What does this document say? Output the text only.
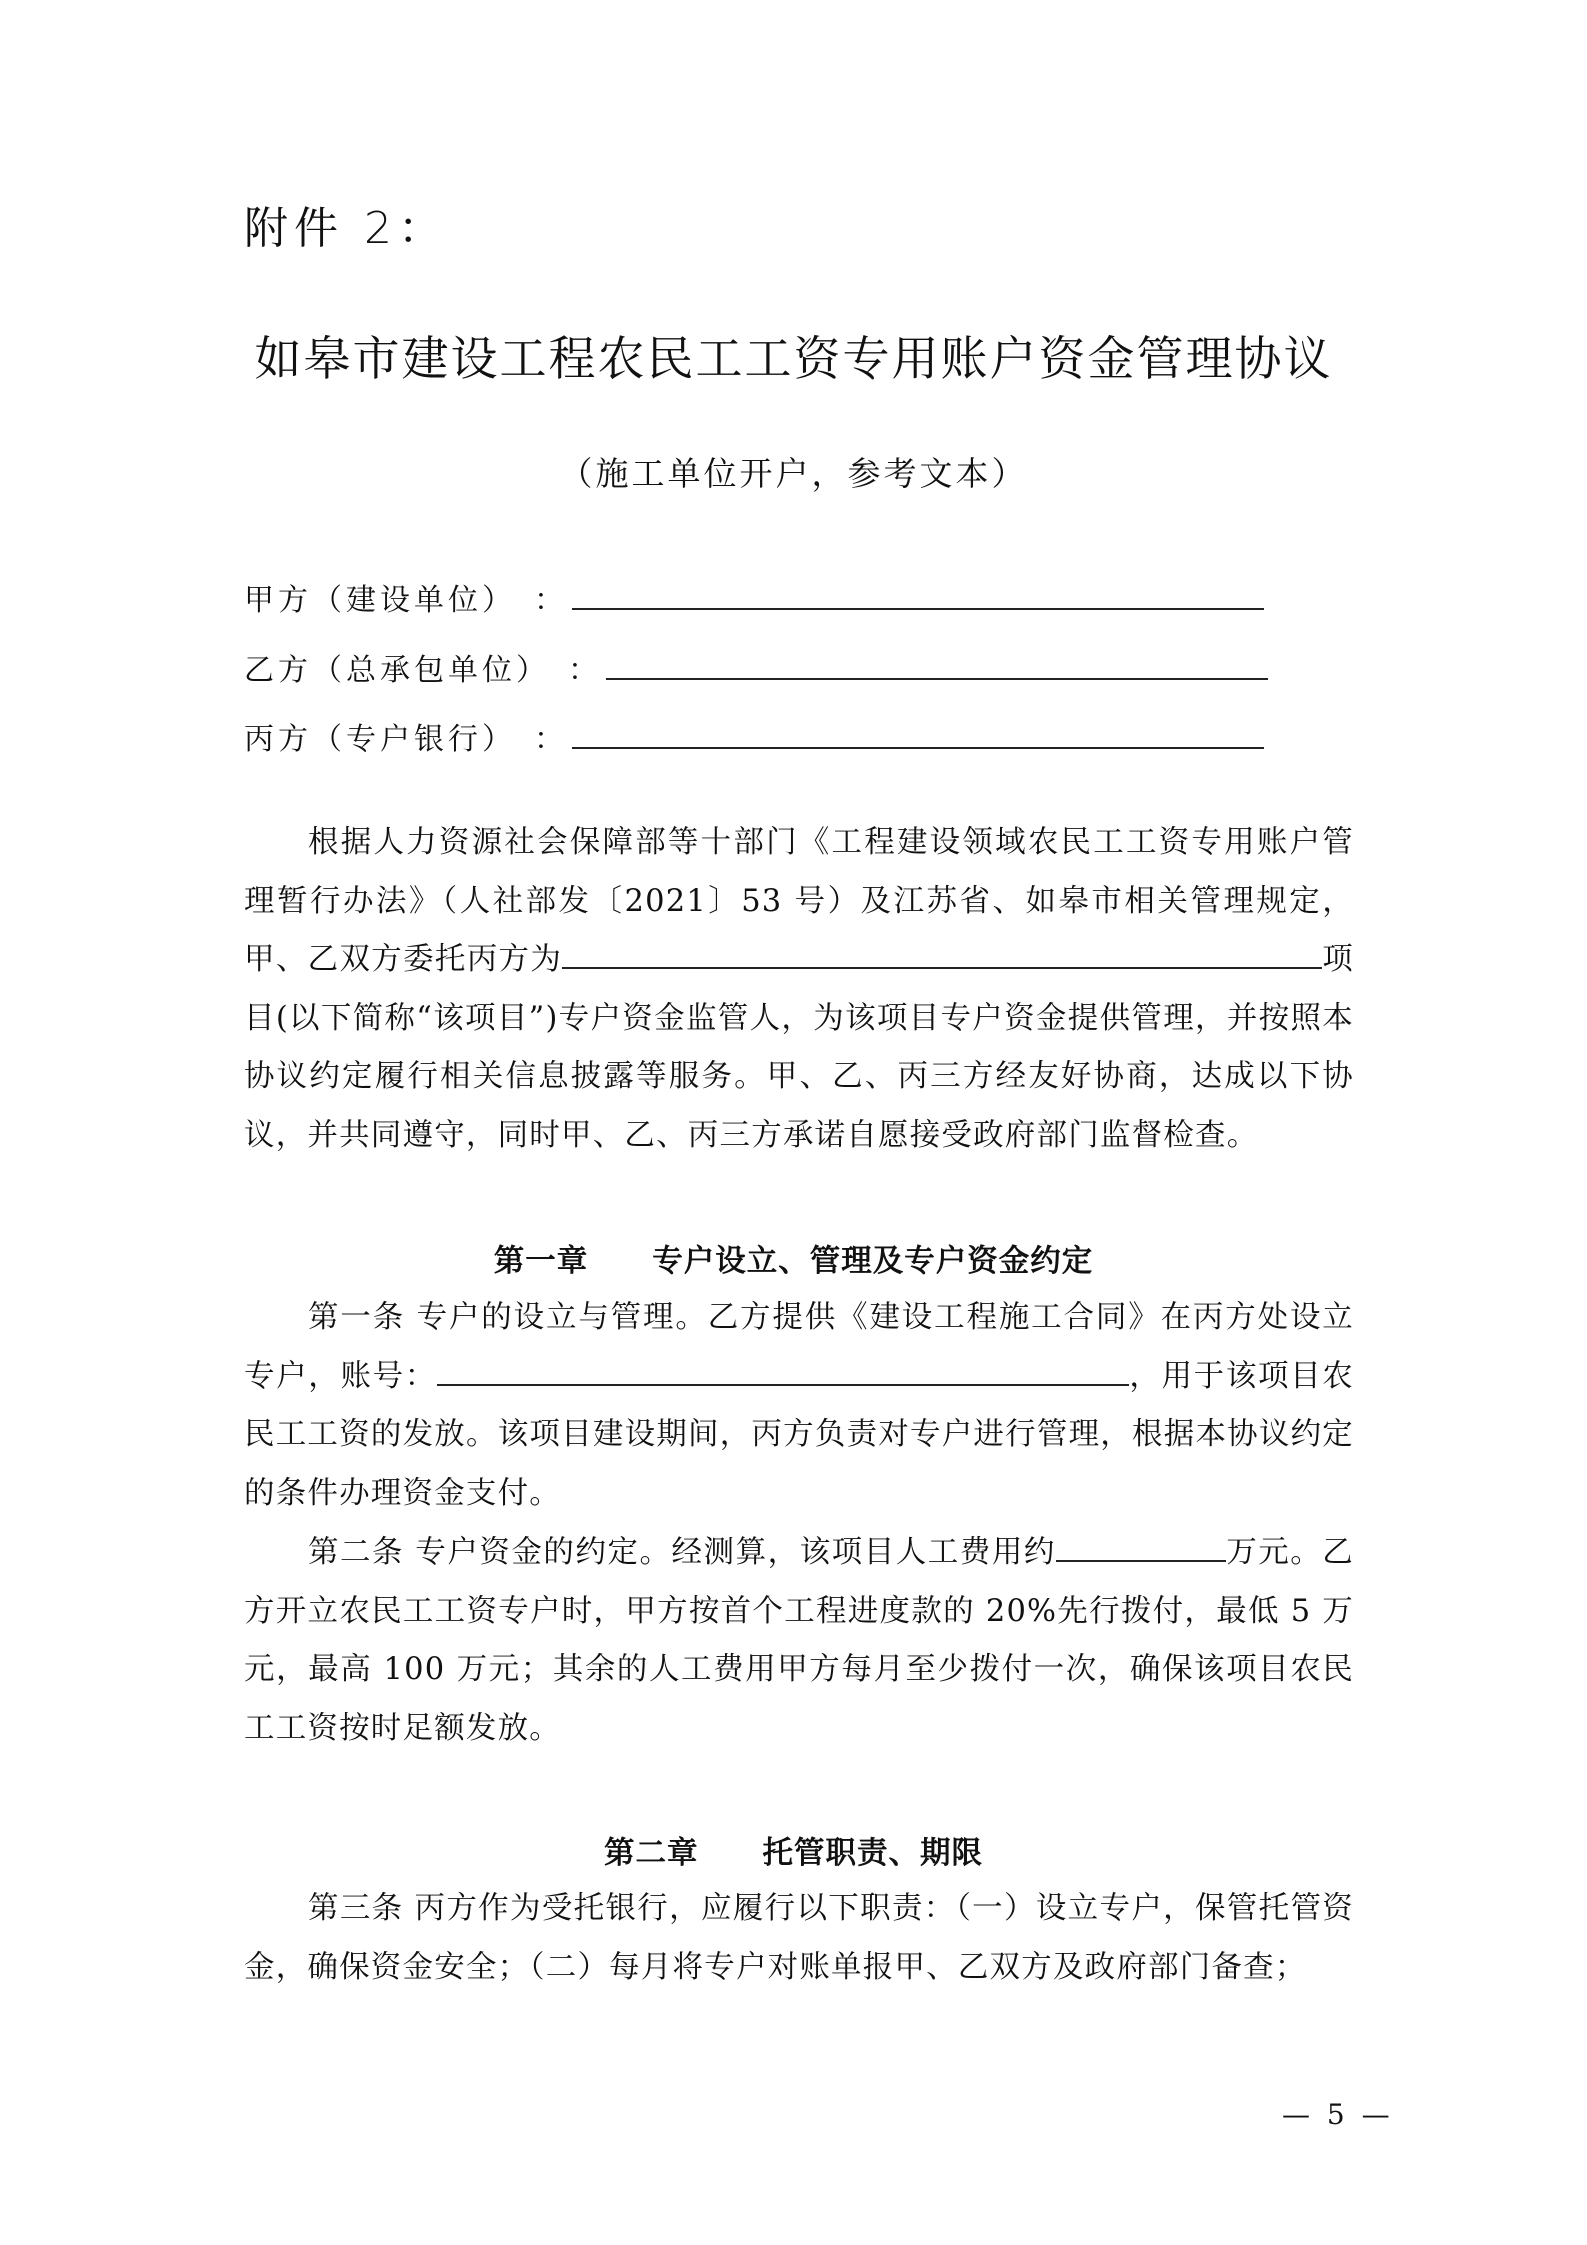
附件 2：
如皋市建设工程农民工工资专用账户资金管理协议
（施工单位开户，参考文本）
甲方（建设单位） ：
乙方（总承包单位） ：
丙方（专户银行） ：
根据人力资源社会保障部等十部门《工程建设领域农民工工资专用账户管理暂行办法》（人社部发〔2021〕53 号）及江苏省、如皋市相关管理规定，甲、乙双方委托丙方为	项目(以下简称“该项目”)专户资金监管人，为该项目专户资金提供管理，并按照本协议约定履行相关信息披露等服务。甲、乙、丙三方经友好协商，达成以下协议，并共同遵守，同时甲、乙、丙三方承诺自愿接受政府部门监督检查。
第一章 专户设立、管理及专户资金约定
第一条 专户的设立与管理。乙方提供《建设工程施工合同》在丙方处设立专户，账号：	，用于该项目农民工工资的发放。该项目建设期间，丙方负责对专户进行管理，根据本协议约定的条件办理资金支付。
第二条 专户资金的约定。经测算，该项目人工费用约	万元。乙方开立农民工工资专户时，甲方按首个工程进度款的 20%先行拨付，最低 5 万元，最高 100 万元；其余的人工费用甲方每月至少拨付一次，确保该项目农民工工资按时足额发放。
第二章 托管职责、期限
第三条 丙方作为受托银行，应履行以下职责：（一）设立专户，保管托管资金，确保资金安全；（二）每月将专户对账单报甲、乙双方及政府部门备查；
— 5 —
